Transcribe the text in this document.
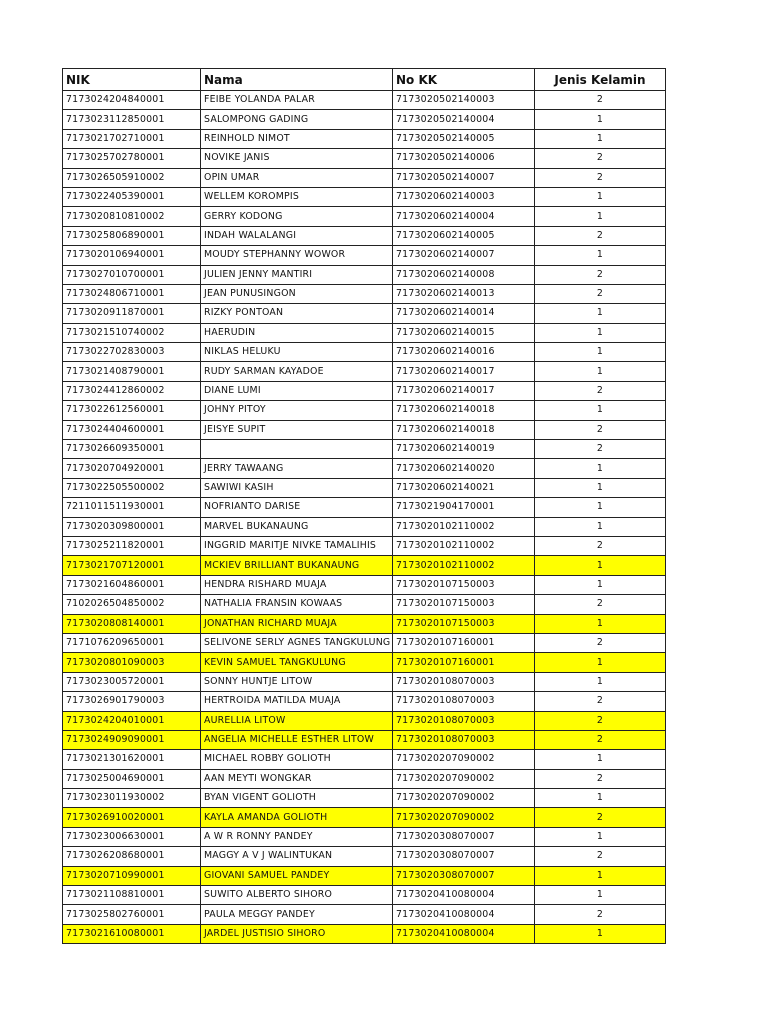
NIK	Nama	No KK	Jenis Kelamin
7173024204840001	FEIBE YOLANDA PALAR	7173020502140003	2
7173023112850001	SALOMPONG GADING	7173020502140004	1
7173021702710001	REINHOLD NIMOT	7173020502140005	1
7173025702780001	NOVIKE JANIS	7173020502140006	2
7173026505910002	OPIN UMAR	7173020502140007	2
7173022405390001	WELLEM KOROMPIS	7173020602140003	1
7173020810810002	GERRY KODONG	7173020602140004	1
7173025806890001	INDAH WALALANGI	7173020602140005	2
7173020106940001	MOUDY STEPHANNY WOWOR	7173020602140007	1
7173027010700001	JULIEN JENNY MANTIRI	7173020602140008	2
7173024806710001	JEAN PUNUSINGON	7173020602140013	2
7173020911870001	RIZKY PONTOAN	7173020602140014	1
7173021510740002	HAERUDIN	7173020602140015	1
7173022702830003	NIKLAS HELUKU	7173020602140016	1
7173021408790001	RUDY SARMAN KAYADOE	7173020602140017	1
7173024412860002	DIANE LUMI	7173020602140017	2
7173022612560001	JOHNY PITOY	7173020602140018	1
7173024404600001	JEISYE SUPIT	7173020602140018	2
7173026609350001		7173020602140019	2
7173020704920001	JERRY TAWAANG	7173020602140020	1
7173022505500002	SAWIWI KASIH	7173020602140021	1
7211011511930001	NOFRIANTO DARISE	7173021904170001	1
7173020309800001	MARVEL BUKANAUNG	7173020102110002	1
7173025211820001	INGGRID MARITJE NIVKE TAMALIHIS	7173020102110002	2
7173021707120001	MCKIEV BRILLIANT BUKANAUNG	7173020102110002	1
7173021604860001	HENDRA RISHARD MUAJA	7173020107150003	1
7102026504850002	NATHALIA FRANSIN KOWAAS	7173020107150003	2
7173020808140001	JONATHAN RICHARD MUAJA	7173020107150003	1
7171076209650001	SELIVONE SERLY AGNES TANGKULUNG	7173020107160001	2
7173020801090003	KEVIN SAMUEL TANGKULUNG	7173020107160001	1
7173023005720001	SONNY HUNTJE LITOW	7173020108070003	1
7173026901790003	HERTROIDA MATILDA MUAJA	7173020108070003	2
7173024204010001	AURELLIA LITOW	7173020108070003	2
7173024909090001	ANGELIA MICHELLE ESTHER LITOW	7173020108070003	2
7173021301620001	MICHAEL ROBBY GOLIOTH	7173020207090002	1
7173025004690001	AAN MEYTI WONGKAR	7173020207090002	2
7173023011930002	BYAN VIGENT GOLIOTH	7173020207090002	1
7173026910020001	KAYLA AMANDA GOLIOTH	7173020207090002	2
7173023006630001	A W R RONNY PANDEY	7173020308070007	1
7173026208680001	MAGGY A V J WALINTUKAN	7173020308070007	2
7173020710990001	GIOVANI SAMUEL PANDEY	7173020308070007	1
7173021108810001	SUWITO ALBERTO SIHORO	7173020410080004	1
7173025802760001	PAULA MEGGY PANDEY	7173020410080004	2
7173021610080001	JARDEL JUSTISIO SIHORO	7173020410080004	1
